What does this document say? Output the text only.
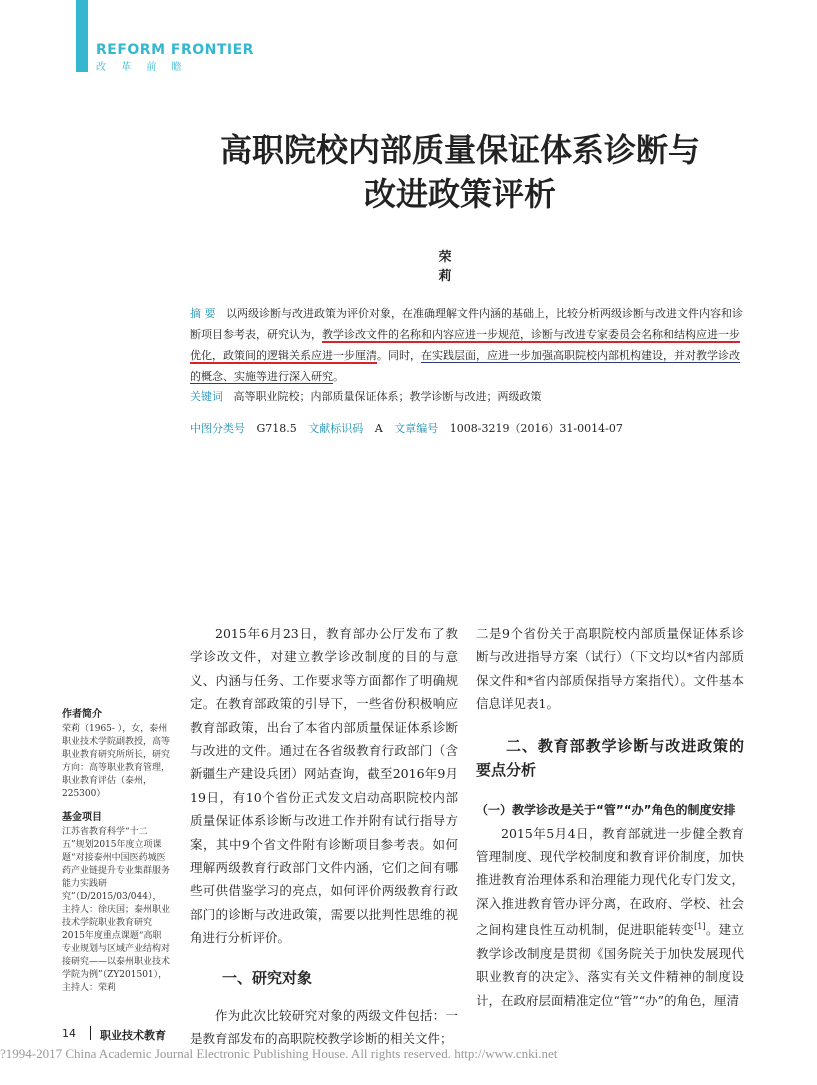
REFORM FRONTIER
改 革 前 瞻
高职院校内部质量保证体系诊断与
改进政策评析
荣 莉
摘 要 以两级诊断与改进政策为评价对象，在准确理解文件内涵的基础上，比较分析两级诊断与改进文件内容和诊断项目参考表，研究认为，教学诊改文件的名称和内容应进一步规范，诊断与改进专家委员会名称和结构应进一步优化，政策间的逻辑关系应进一步厘清。同时，在实践层面，应进一步加强高职院校内部机构建设，并对教学诊改的概念、实施等进行深入研究。
关键词 高等职业院校；内部质量保证体系；教学诊断与改进；两级政策
中图分类号 G718.5 文献标识码 A 文章编号 1008-3219（2016）31-0014-07
作者简介
荣莉（1965- ），女，泰州职业技术学院副教授，高等职业教育研究所所长，研究方向：高等职业教育管理，职业教育评估（泰州，225300）
基金项目
江苏省教育科学“十二五”规划2015年度立项课题“对接泰州中国医药城医药产业链提升专业集群服务能力实践研究”（D/2015/03/044），主持人：徐庆国；泰州职业技术学院职业教育研究2015年度重点课题“高职专业规划与区域产业结构对接研究——以泰州职业技术学院为例”（ZY201501），主持人：荣莉

2015年6月23日，教育部办公厅发布了教学诊改文件，对建立教学诊改制度的目的与意义、内涵与任务、工作要求等方面都作了明确规定。在教育部政策的引导下，一些省份积极响应教育部政策，出台了本省内部质量保证体系诊断与改进的文件。通过在各省级教育行政部门（含新疆生产建设兵团）网站查询，截至2016年9月19日，有10个省份正式发文启动高职院校内部质量保证体系诊断与改进工作并附有试行指导方案，其中9个省文件附有诊断项目参考表。如何理解两级教育行政部门文件内涵，它们之间有哪些可供借鉴学习的亮点，如何评价两级教育行政部门的诊断与改进政策，需要以批判性思维的视角进行分析评价。

一、研究对象

作为此次比较研究对象的两级文件包括：一是教育部发布的高职院校教学诊断的相关文件；

二是9个省份关于高职院校内部质量保证体系诊断与改进指导方案（试行）（下文均以*省内部质保文件和*省内部质保指导方案指代）。文件基本信息详见表1。

二、教育部教学诊断与改进政策的要点分析

（一）教学诊改是关于“管”“办”角色的制度安排

2015年5月4日，教育部就进一步健全教育管理制度、现代学校制度和教育评价制度，加快推进教育治理体系和治理能力现代化专门发文，深入推进教育管办评分离，在政府、学校、社会之间构建良性互动机制，促进职能转变[1]。建立教学诊改制度是贯彻《国务院关于加快发展现代职业教育的决定》、落实有关文件精神的制度设计，在政府层面精准定位“管”“办”的角色，厘清

14 职业技术教育
?1994-2017 China Academic Journal Electronic Publishing House. All rights reserved. http://www.cnki.net
